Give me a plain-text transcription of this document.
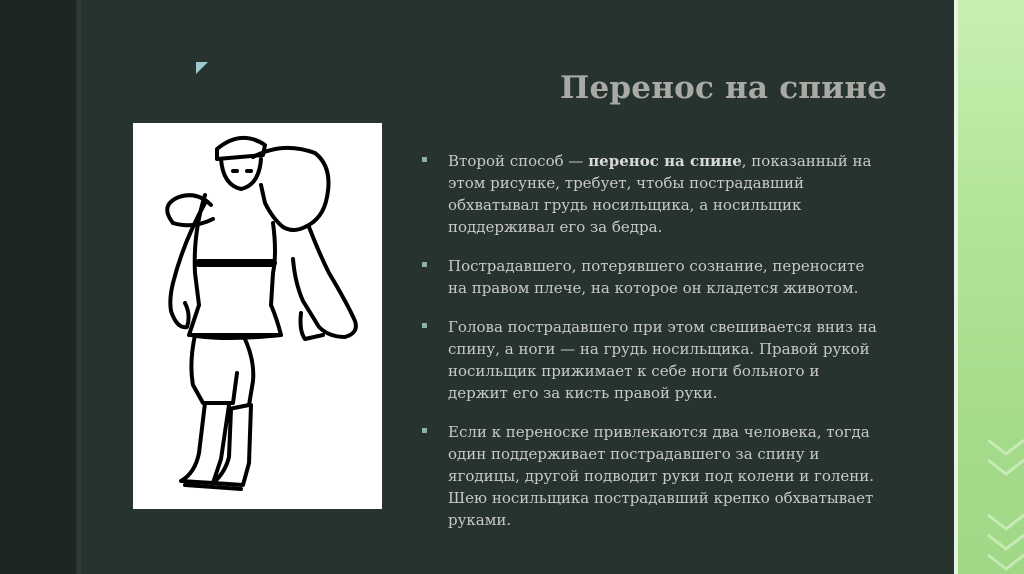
Перенос на спине
Второй способ — перенос на спине, показанный на этом рисунке, требует, чтобы пострадавший обхватывал грудь носильщика, а носильщик поддерживал его за бедра.
Пострадавшего, потерявшего сознание, переносите на правом плече, на которое он кладется животом.
Голова пострадавшего при этом свешивается вниз на спину, а ноги — на грудь носильщика. Правой рукой носильщик прижимает к себе ноги больного и держит его за кисть правой руки.
Если к переноске привлекаются два человека, тогда один поддерживает пострадавшего за спину и ягодицы, другой подводит руки под колени и голени. Шею носильщика пострадавший крепко обхватывает руками.
